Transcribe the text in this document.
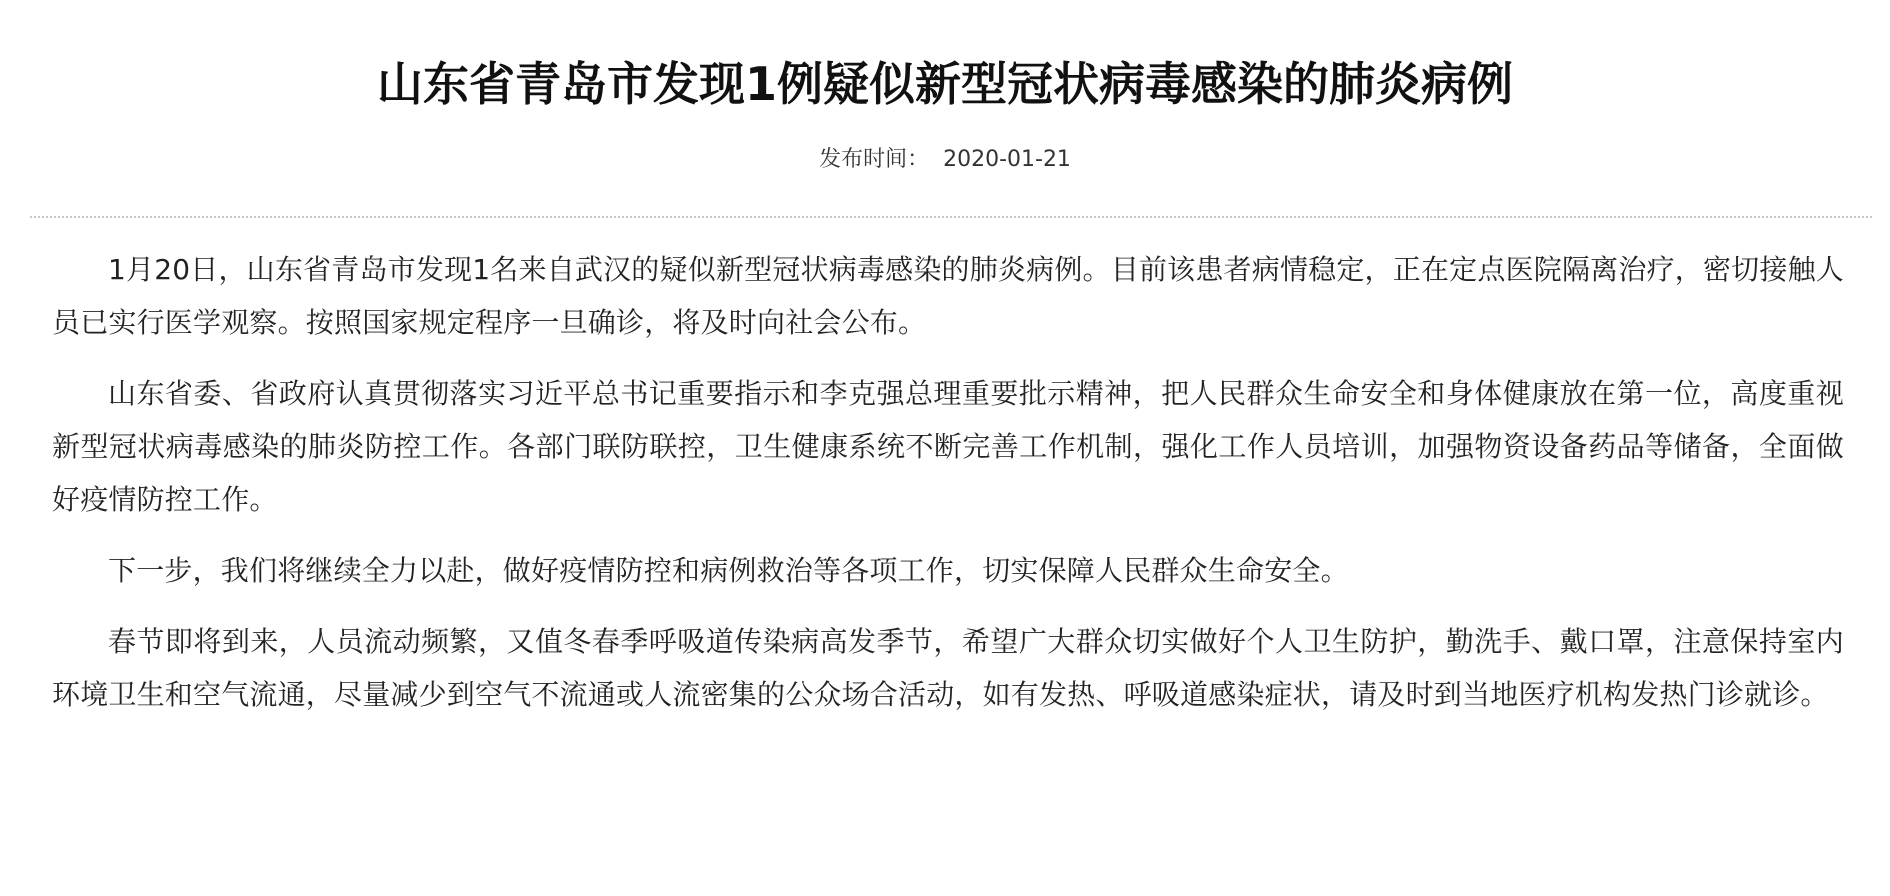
山东省青岛市发现1例疑似新型冠状病毒感染的肺炎病例
发布时间： 2020-01-21

1月20日，山东省青岛市发现1名来自武汉的疑似新型冠状病毒感染的肺炎病例。目前该患者病情稳定，正在定点医院隔离治疗，密切接触人员已实行医学观察。按照国家规定程序一旦确诊，将及时向社会公布。

山东省委、省政府认真贯彻落实习近平总书记重要指示和李克强总理重要批示精神，把人民群众生命安全和身体健康放在第一位，高度重视新型冠状病毒感染的肺炎防控工作。各部门联防联控，卫生健康系统不断完善工作机制，强化工作人员培训，加强物资设备药品等储备，全面做好疫情防控工作。

下一步，我们将继续全力以赴，做好疫情防控和病例救治等各项工作，切实保障人民群众生命安全。

春节即将到来，人员流动频繁，又值冬春季呼吸道传染病高发季节，希望广大群众切实做好个人卫生防护，勤洗手、戴口罩，注意保持室内环境卫生和空气流通，尽量减少到空气不流通或人流密集的公众场合活动，如有发热、呼吸道感染症状，请及时到当地医疗机构发热门诊就诊。
